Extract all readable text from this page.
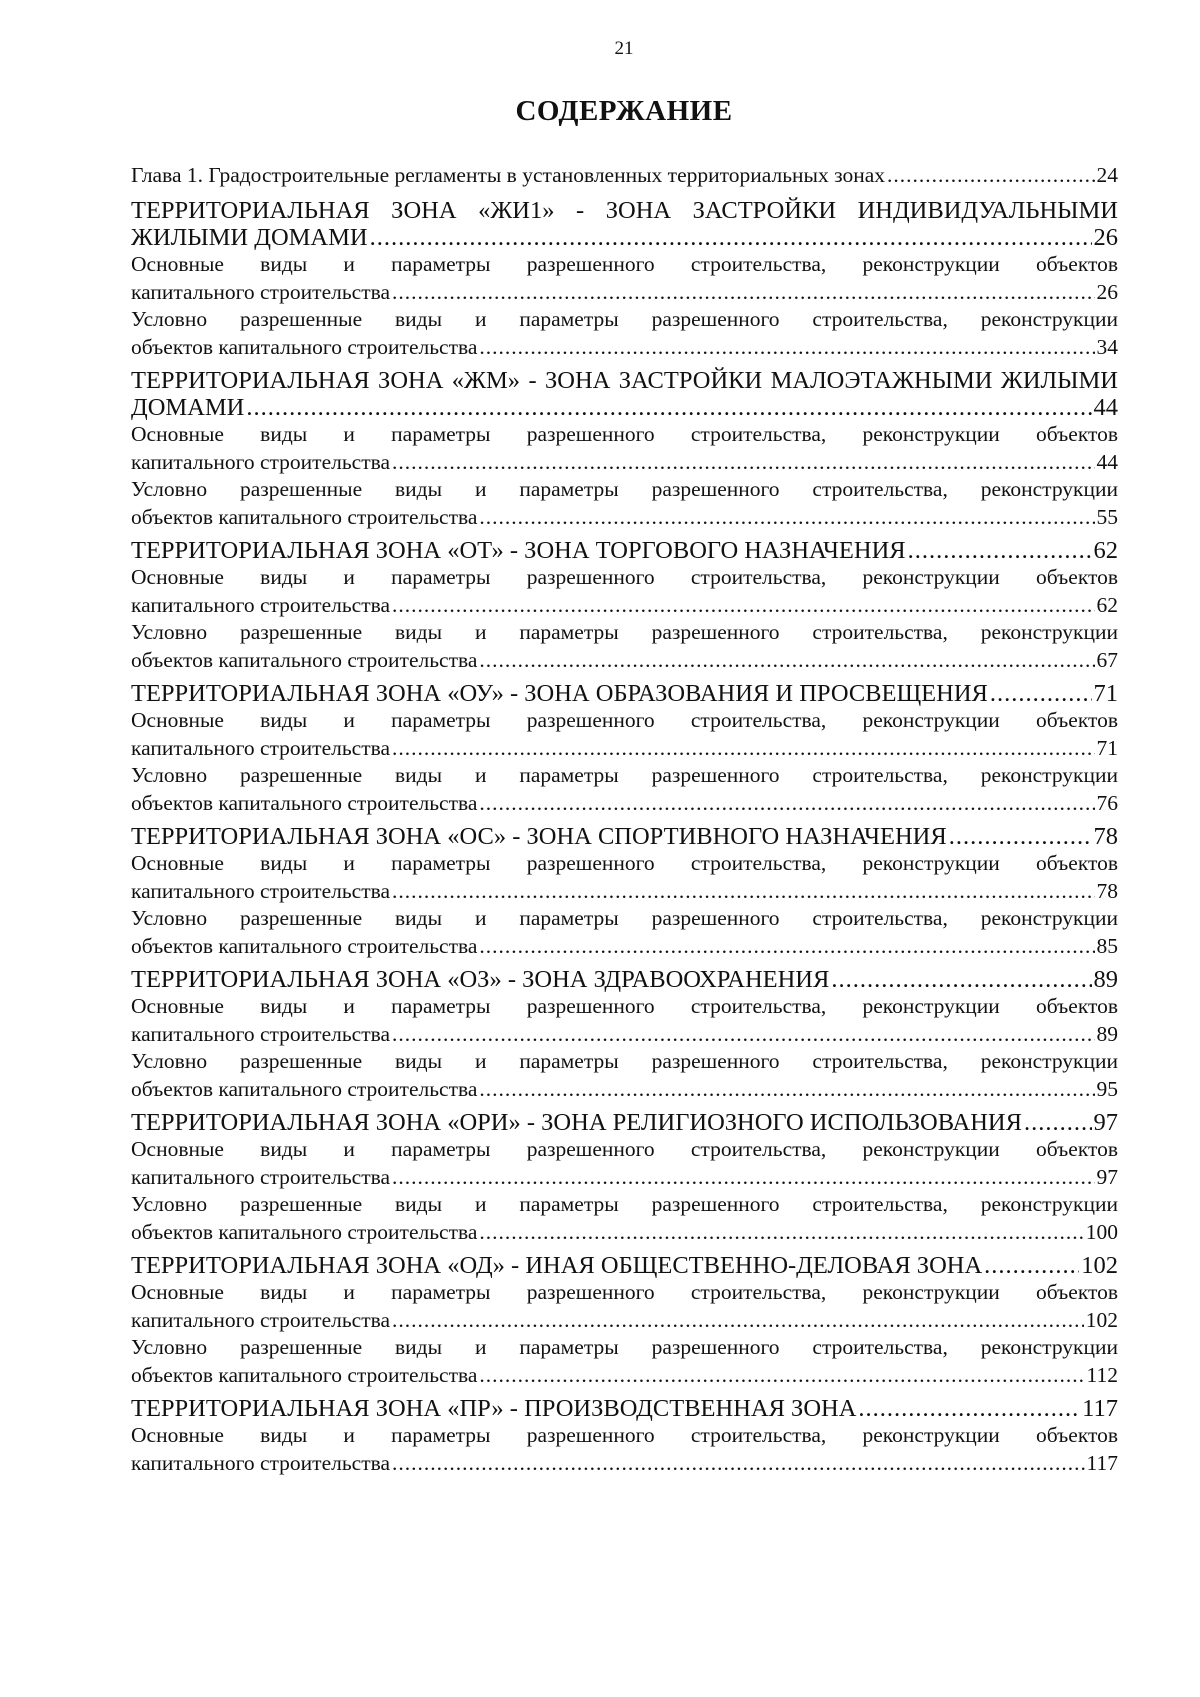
21
СОДЕРЖАНИЕ
Глава 1. Градостроительные регламенты в установленных территориальных зонах .....	24
ТЕРРИТОРИАЛЬНАЯ ЗОНА «ЖИ1» - ЗОНА ЗАСТРОЙКИ ИНДИВИДУАЛЬНЫМИ
ЖИЛЫМИ ДОМАМИ .....	26
Основные виды и параметры разрешенного строительства, реконструкции объектов
капитального строительства .....	26
Условно разрешенные виды и параметры разрешенного строительства, реконструкции
объектов капитального строительства .....	34
ТЕРРИТОРИАЛЬНАЯ ЗОНА «ЖМ» - ЗОНА ЗАСТРОЙКИ МАЛОЭТАЖНЫМИ ЖИЛЫМИ
ДОМАМИ .....	44
Основные виды и параметры разрешенного строительства, реконструкции объектов
капитального строительства .....	44
Условно разрешенные виды и параметры разрешенного строительства, реконструкции
объектов капитального строительства .....	55
ТЕРРИТОРИАЛЬНАЯ ЗОНА «ОТ» - ЗОНА ТОРГОВОГО НАЗНАЧЕНИЯ .....	62
Основные виды и параметры разрешенного строительства, реконструкции объектов
капитального строительства .....	62
Условно разрешенные виды и параметры разрешенного строительства, реконструкции
объектов капитального строительства .....	67
ТЕРРИТОРИАЛЬНАЯ ЗОНА «ОУ» - ЗОНА ОБРАЗОВАНИЯ И ПРОСВЕЩЕНИЯ .....	71
Основные виды и параметры разрешенного строительства, реконструкции объектов
капитального строительства .....	71
Условно разрешенные виды и параметры разрешенного строительства, реконструкции
объектов капитального строительства .....	76
ТЕРРИТОРИАЛЬНАЯ ЗОНА «ОС» - ЗОНА СПОРТИВНОГО НАЗНАЧЕНИЯ .....	78
Основные виды и параметры разрешенного строительства, реконструкции объектов
капитального строительства .....	78
Условно разрешенные виды и параметры разрешенного строительства, реконструкции
объектов капитального строительства .....	85
ТЕРРИТОРИАЛЬНАЯ ЗОНА «ОЗ» - ЗОНА ЗДРАВООХРАНЕНИЯ .....	89
Основные виды и параметры разрешенного строительства, реконструкции объектов
капитального строительства .....	89
Условно разрешенные виды и параметры разрешенного строительства, реконструкции
объектов капитального строительства .....	95
ТЕРРИТОРИАЛЬНАЯ ЗОНА «ОРИ» - ЗОНА РЕЛИГИОЗНОГО ИСПОЛЬЗОВАНИЯ .....	97
Основные виды и параметры разрешенного строительства, реконструкции объектов
капитального строительства .....	97
Условно разрешенные виды и параметры разрешенного строительства, реконструкции
объектов капитального строительства .....	100
ТЕРРИТОРИАЛЬНАЯ ЗОНА «ОД» - ИНАЯ ОБЩЕСТВЕННО-ДЕЛОВАЯ ЗОНА .....	102
Основные виды и параметры разрешенного строительства, реконструкции объектов
капитального строительства .....	102
Условно разрешенные виды и параметры разрешенного строительства, реконструкции
объектов капитального строительства .....	112
ТЕРРИТОРИАЛЬНАЯ ЗОНА «ПР» - ПРОИЗВОДСТВЕННАЯ ЗОНА .....	117
Основные виды и параметры разрешенного строительства, реконструкции объектов
капитального строительства .....	117
